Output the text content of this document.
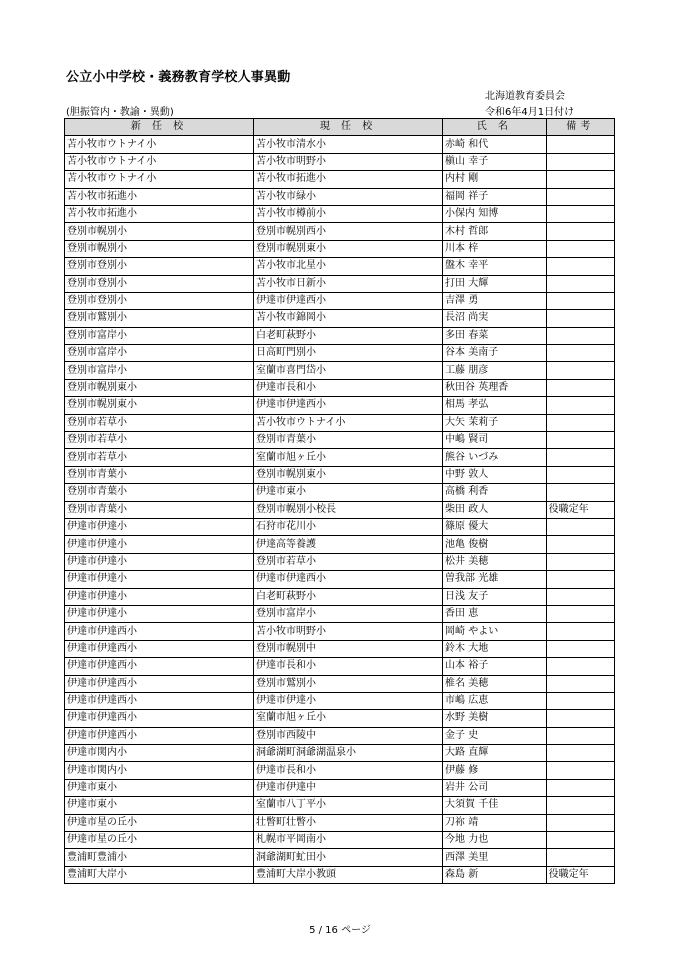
公立小中学校・義務教育学校人事異動
北海道教育委員会
(胆振管内・教諭・異動)	令和6年4月1日付け
新 任 校	現 任 校	氏 名	備考
苫小牧市ウトナイ小	苫小牧市清水小	赤崎 和代	
苫小牧市ウトナイ小	苫小牧市明野小	槇山 幸子	
苫小牧市ウトナイ小	苫小牧市拓進小	内村 剛	
苫小牧市拓進小	苫小牧市緑小	福岡 祥子	
苫小牧市拓進小	苫小牧市樽前小	小保内 知博	
登別市幌別小	登別市幌別西小	木村 哲郎	
登別市幌別小	登別市幌別東小	川本 梓	
登別市登別小	苫小牧市北星小	盤木 幸平	
登別市登別小	苫小牧市日新小	打田 大輝	
登別市登別小	伊達市伊達西小	吉澤 勇	
登別市鷲別小	苫小牧市錦岡小	長沼 尚実	
登別市富岸小	白老町萩野小	多田 春菜	
登別市富岸小	日高町門別小	谷本 美南子	
登別市富岸小	室蘭市喜門岱小	工藤 朋彦	
登別市幌別東小	伊達市長和小	秋田谷 英理香	
登別市幌別東小	伊達市伊達西小	相馬 孝弘	
登別市若草小	苫小牧市ウトナイ小	大矢 茉莉子	
登別市若草小	登別市青葉小	中嶋 賢司	
登別市若草小	室蘭市旭ヶ丘小	熊谷 いづみ	
登別市青葉小	登別市幌別東小	中野 敦人	
登別市青葉小	伊達市東小	高橋 利香	
登別市青葉小	登別市幌別小校長	柴田 政人	役職定年
伊達市伊達小	石狩市花川小	篠原 優大	
伊達市伊達小	伊達高等養護	池亀 俊樹	
伊達市伊達小	登別市若草小	松井 美穂	
伊達市伊達小	伊達市伊達西小	曽我部 光雄	
伊達市伊達小	白老町萩野小	日浅 友子	
伊達市伊達小	登別市富岸小	香田 恵	
伊達市伊達西小	苫小牧市明野小	岡崎 やよい	
伊達市伊達西小	登別市幌別中	鈴木 大地	
伊達市伊達西小	伊達市長和小	山本 裕子	
伊達市伊達西小	登別市鷲別小	椎名 美穂	
伊達市伊達西小	伊達市伊達小	市嶋 広恵	
伊達市伊達西小	室蘭市旭ヶ丘小	水野 美樹	
伊達市伊達西小	登別市西陵中	金子 史	
伊達市関内小	洞爺湖町洞爺湖温泉小	大路 直輝	
伊達市関内小	伊達市長和小	伊藤 修	
伊達市東小	伊達市伊達中	岩井 公司	
伊達市東小	室蘭市八丁平小	大須賀 千佳	
伊達市星の丘小	壮瞥町壮瞥小	刀祢 靖	
伊達市星の丘小	札幌市平岡南小	今地 力也	
豊浦町豊浦小	洞爺湖町虻田小	西澤 美里	
豊浦町大岸小	豊浦町大岸小教頭	森島 新	役職定年
5 / 16 ページ
